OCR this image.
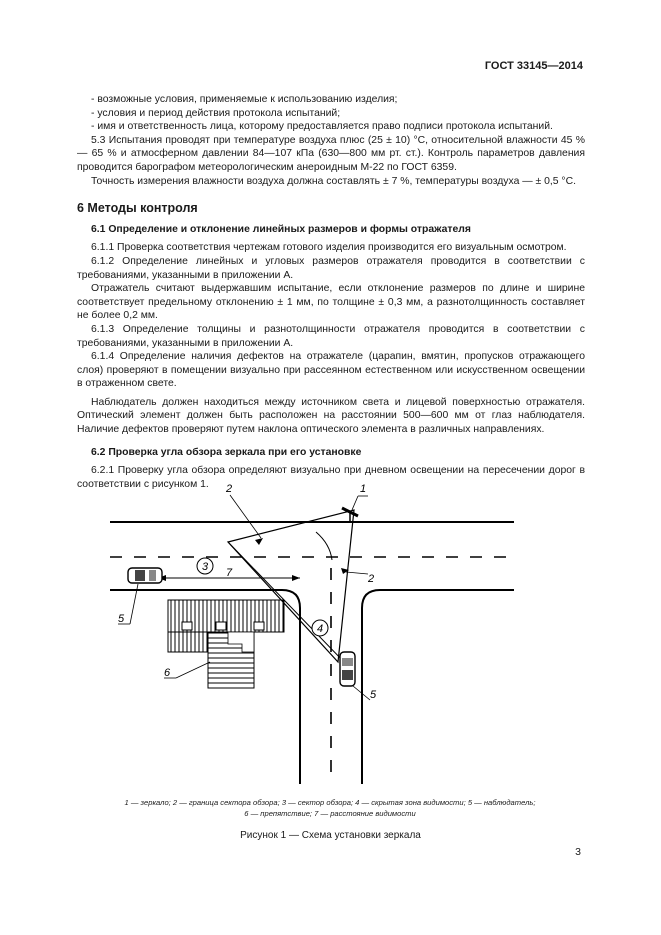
ГОСТ 33145—2014

- возможные условия, применяемые к использованию изделия;

- условия и период действия протокола испытаний;

- имя и ответственность лица, которому предоставляется право подписи протокола испытаний.

5.3 Испытания проводят при температуре воздуха плюс (25 ± 10) °С, относительной влажности 45 % — 65 % и атмосферном давлении 84—107 кПа (630—800 мм рт. ст.). Контроль параметров давления проводится барографом метеорологическим анероидным М-22 по ГОСТ 6359.

Точность измерения влажности воздуха должна составлять ± 7 %, температуры воздуха — ± 0,5 °С.

6 Методы контроля
6.1 Определение и отклонение линейных размеров и формы отражателя

6.1.1 Проверка соответствия чертежам готового изделия производится его визуальным осмотром.

6.1.2 Определение линейных и угловых размеров отражателя проводится в соответствии с требованиями, указанными в приложении А.

Отражатель считают выдержавшим испытание, если отклонение размеров по длине и ширине соответствует предельному отклонению ± 1 мм, по толщине ± 0,3 мм, а разнотолщинность составляет не более 0,2 мм.

6.1.3 Определение толщины и разнотолщинности отражателя проводится в соответствии с требованиями, указанными в приложении А.

6.1.4 Определение наличия дефектов на отражателе (царапин, вмятин, пропусков отражающего слоя) проверяют в помещении визуально при рассеянном естественном или искусственном освещении в отраженном свете.

Наблюдатель должен находиться между источником света и лицевой поверхностью отражателя. Оптический элемент должен быть расположен на расстоянии 500—600 мм от глаз наблюдателя. Наличие дефектов проверяют путем наклона оптического элемента в различных направлениях.

6.2 Проверка угла обзора зеркала при его установке

6.2.1 Проверку угла обзора определяют визуально при дневном освещении на пересечении дорог в соответствии с рисунком 1.

3
4
1
2
2
7
5
5
6
1 — зеркало; 2 — граница сектора обзора; 3 — сектор обзора; 4 — скрытая зона видимости; 5 — наблюдатель;
6 — препятствие; 7 — расстояние видимости
Рисунок 1 — Схема установки зеркала
3
